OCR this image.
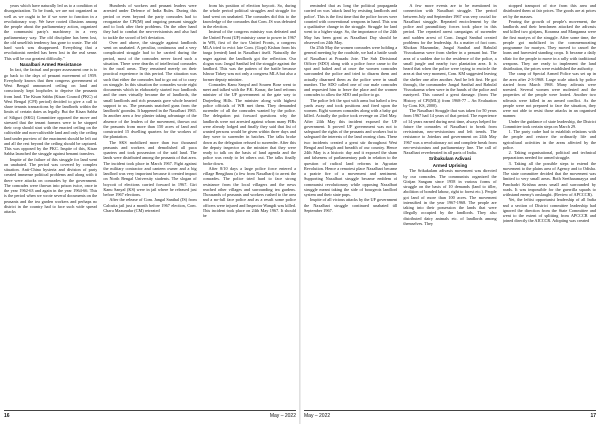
years which have naturally led us to a condition of disorganization. To be frank, we are not organized as well as we ought to be if we were to function in a revolutionary way. We have rooted illusions among the people about the parliamentary action, organized the communist party's machinery in a very parliamentary way. The old discipline has been lost, the old unselfish tendency has gone to waste. The old hard work was disappeared. Everything that a revolutionist needed has been lost in the real sense. This will be our greatest difficulty."

Naxalbari Armed Resistance

In fact, the factual and proper assessment one is to go back to the days of peasant movement of 1959. Everybody knows that then congress government of West Bengal announced ceiling on land and consciously kept loopholes to deprive the peasants from land. The Kisan Sabha (Kisan Council (PKC) of West Bengal (CPI) period) decided to give a call to share tenants transactions by the landlords within the limits of certain dates as legally. But the Kisan Sabha of Siliguri (SKG) Committee opposed the move and stressed that the tenant farmers were to be stopped their crop should start with the enacted ceiling on the cultivable and non-cultivable land and only the ceiling land under purview of the enactment should be left out and all the rest beyond the ceiling should be captured. This was opposed by the PKC. Inspite of this, Kisan Sabha launched the struggle against benami transfers.

Inspite of the failure of this struggle for land went on unabated. The period was covered by complex situation. Anti-China hysteria and division of party created immense political problems and along with it there were attacks on comrades by the government. The comrades were thrown into prison twice, once in the year 1962-63 and again in the year 1964-66. This is the period when we wrote several documents on the peasants and the tea garden workers and perhaps no district in the country had to face such wide spread attacks

Hundreds of workers and peasant leaders were arrested under Defence of India Rules. During this period or even beyond the party comrades had to reorganize the CPI(M) and ongoing peasant struggle and to look after their problems. On the other hand they had to combat the neo-revisionists and also had to tackle the sword of left deviation.

Over and above, the struggle against landlords went on unabated. A peculiar, continuous and a very complicated struggle had to be carried during the period, most of the comrades never faced such a situation. There were dearths of intellectual comrades in the rural areas. They remained merely on their practical experience in this period. The situation was such that either the comrades had to go out of to carry on struggle. In this situation the comrades wrote eight documents which in elaborately started two landlords and the ones virtually became the of landlords, the small landlords and rich peasants gave whole hearted support to us. The peasants snatched guns from the landlords' goondas. It happened in the Naxalbari 1965. In another area a few planter taking advantage of the absence of the leaders of the movement, thrown out the peasants from more than 150 acres of land and constructed 15 dwelling quarters for the workers of the plantation.

The SKS mobilized more than two thousand peasants and workers and demolished all puca quarters and took possession of the said land. The lands were distributed among the peasants of that area. The incident took place in March 1967. Fight against the military contractor and canteen owner and a big landlord was very important because it created impact on North Bengal University students. The slogan of boycott of elections carried forward in 1967. Giri Kanu Sanyal (KS) were in jail where he released just before 1967 elections.

After the release of Com. Jangal Santhal (JS) from Calcutta jail just a month before 1967 election, Com. Charu Mazumdar (CM) retreated

from his position of election boycott. So, during the whole period political struggles and struggle for land went on unabated. The comrades did this to the knowledge of the comrades that Com. JS was defeated in the election.

Instead of the congress ministry was defeated and the United Front (UF) ministry came to power in 1967 in WB, first of the two United Fronts, a congress MLA tried to evict late Com. (Gopi) Kishan from his barga (rented) land in Naxalbari itself. Naturally the anger against the landlords got the reflection. Our slogan was: Jangal Santhal led the struggle against the landlord. This was the pattern of the battle because Ishwar Tirkey was not only a congress MLA but also a former deputy minister.

Comrades Kanu Sanyal and Souren Bose went to meet and talked with the P.K. Konar, the land reforms minister of the UF government at the gate way to Darjeeling Hills. The minister along with highest police officials of WB met them. They demanded surrender of all the comrades wanted by the police. The delegation put forward questions why the landlords were not arrested against whom many FIRs were already lodged and finally they said that list of wanted persons would be given within three days and they were to surrender in batches. The talks broke down as the delegation refused to surrender. After this the deputy inspector as the minister that they were ready to talk on the basis of land agenda and the police was ready to let others out. The talks finally broke down.

After 8/10 days a large police force entered a village Bengjharu (a few from Naxalbari) to arrest the comrades. The police tried hard to face strong resistance from the local villagers and the news reached other villages and surrounding tea gardens. Thousands of peasants and workers rushed to the area and a no-full face police and as a result some police officers were injured and Inspector Wangdi was killed. This incident took place on 24th May 1967. It should be

16	May – 2022

reminded that as long the political propaganda carried on was 'attack land by resisting landlords and police'. This is the first time that the police forces were counted with conventional weapons in hand. This was a qualitative change in the struggle. Struggle for land went to a higher stage. So, the importance of the 24th May has been great as Naxalbari Day should be observed on 24th May.

On 25th May the women comrades were holding a general meeting by the roadside, we had a battle south of Naxalbari at Prasadu Jote. The Sub Divisional Officer (SDO) along with a police force came to the spot and halted and at once the women comrades surrounded the police and tried to disarm them and actually disarmed them as the police were in small number. The SDO called one of our male comrades and requested him to leave the place and the women comrades to allow the SDO and police to go.

The police left the spot with arms but halted a few yards away and took positions and fired upon the women. Eight women comrades along with a baby got killed. Actually the police took revenge on 23rd May. After 24th May this incident exposed the UF government. It proved UF government was not to safeguard the rights of the peasants and workers but to safeguard the interests of the land owning class. These two incidents created a great stir throughout West Bengal and length and breadth of our country. Hence 24th May is a historic day and it exposed the sham and falseness of parliamentary path in relation to the question of radical land reforms in Agrarian Revolution. Hence a remotest place Naxalbari became a prairie fire of a movement and sentiment. Supporting Naxalbari struggle became emblem of communist revolutionary while opposing Naxalbari struggle meant taking the side of bourgeois landlord system and their state pups.

Inspite of all vicious attacks by the UF government the Naxalbari struggle continued unabated till September 1967.

A few more events are to be mentioned in connection with Naxalbari struggle. The period between July and September 1967 was very crucial for Naxalbari struggle. Repeated encirclement by the police and paramilitary forces took place in this period. The repeated arrest campaigns of surrender and sudden arrest of Com. Jangal Santhal created problems for the leadership. As a matter of fact com. Khokan Mazumdar, Jangal Santhal and Babulal Viswakarma were from shelter in a peasant hut. The area of a sudden due to the residence of the police, a small jungle and nearby two plantation area. It is heard that when the police were trying to encircle the area at that very moment, Com. KM suggested leaving the shelter one after another. And he left first. He got through, the commander Jangal Santhal and Babulal Viswakarma when were in the hands of the police and martyred. This caused a great damage. (from The History of CPI(ML)) from 1968-77 – An Evaluation by Com. KS, 2000).

The Naxalbari Struggle that was taken for 50 years from 1967 had 14 years of that period. The experience of 14 years earned during next time, always helped for future the comrades of Naxalbari to break from revisionism, neo-revisionism and left trends. The resistance to Jotedars and government on 24th May 1967 was a revolutionary act and complete break from neo-revisionism and parliamentary line. The call of Naxalbari reverberated in all parts of India.

Sribakulam Adivasi
Armed Uprising

The Srikakulam adivasis movement was directed by our comrades. The communists organized the Girijan Sangam since 1958 in various forms of struggle on the basis of 10 demands (land to tiller, abolition of bonded labour, right to forest etc.). People got land of more than 100 acres. The movement intensified in the year 1967-1968. The people are taking into their possession the lands that were illegally occupied by the landlords. They also distributed dairy animals etc. of landlords among themselves. They

stopped transport of rice from this area and distributed them at fair prices. The goods are at prices set by the masses.

Fearing the growth of people's movement, the landlords and their henchmen attacked the adivasis and killed two girijans, Koranna and Manganna were the first martyrs of the struggle. After some time, the people got mobilized in the commemorating programme for martyrs. They moved to cancel the loans and harvested standing crops. It became a daily affair for the people to move in a rally with traditional weapons. They are ready to implement the land distribution, the prices were established the authority.

The camp of Special Armed Police was set up in the area after 2-3-1968. Large scale attack by police started from March 1968. Many adivasis were arrested. Several women were molested and the properties of the people were looted. Another two adivasis were killed in an armed conflict. As the people were not prepared to face the situation, they were not able to resist those attacks in an organised manner.

Under the guidance of state leadership, the District Committee took certain steps on March 29.

1. The party cadre had to establish relations with the people and restore the ordinarily life and agricultural activities in the areas affected by the police.

2. Taking organisational, political and technical preparations needed for armed struggle.

3. Taking all the possible steps to extend the movement to the plains area of Agency and to Odisha. The state committee decided that the movement was limited to very small areas. Both Seetharamayya and Panchadri Krishna areas small and surrounded by roads. It was impossible for the guerrilla squads to withstand enemy's onslaught. (Review of APCCCR).

Yet, the leftist opportunist leadership of all India and a section of District committee leadership had ignored the direction from the State Committee and went to the extent of splitting from APCCCR and joined directly the AICCCR. Adopting was created

May – 2022	17
